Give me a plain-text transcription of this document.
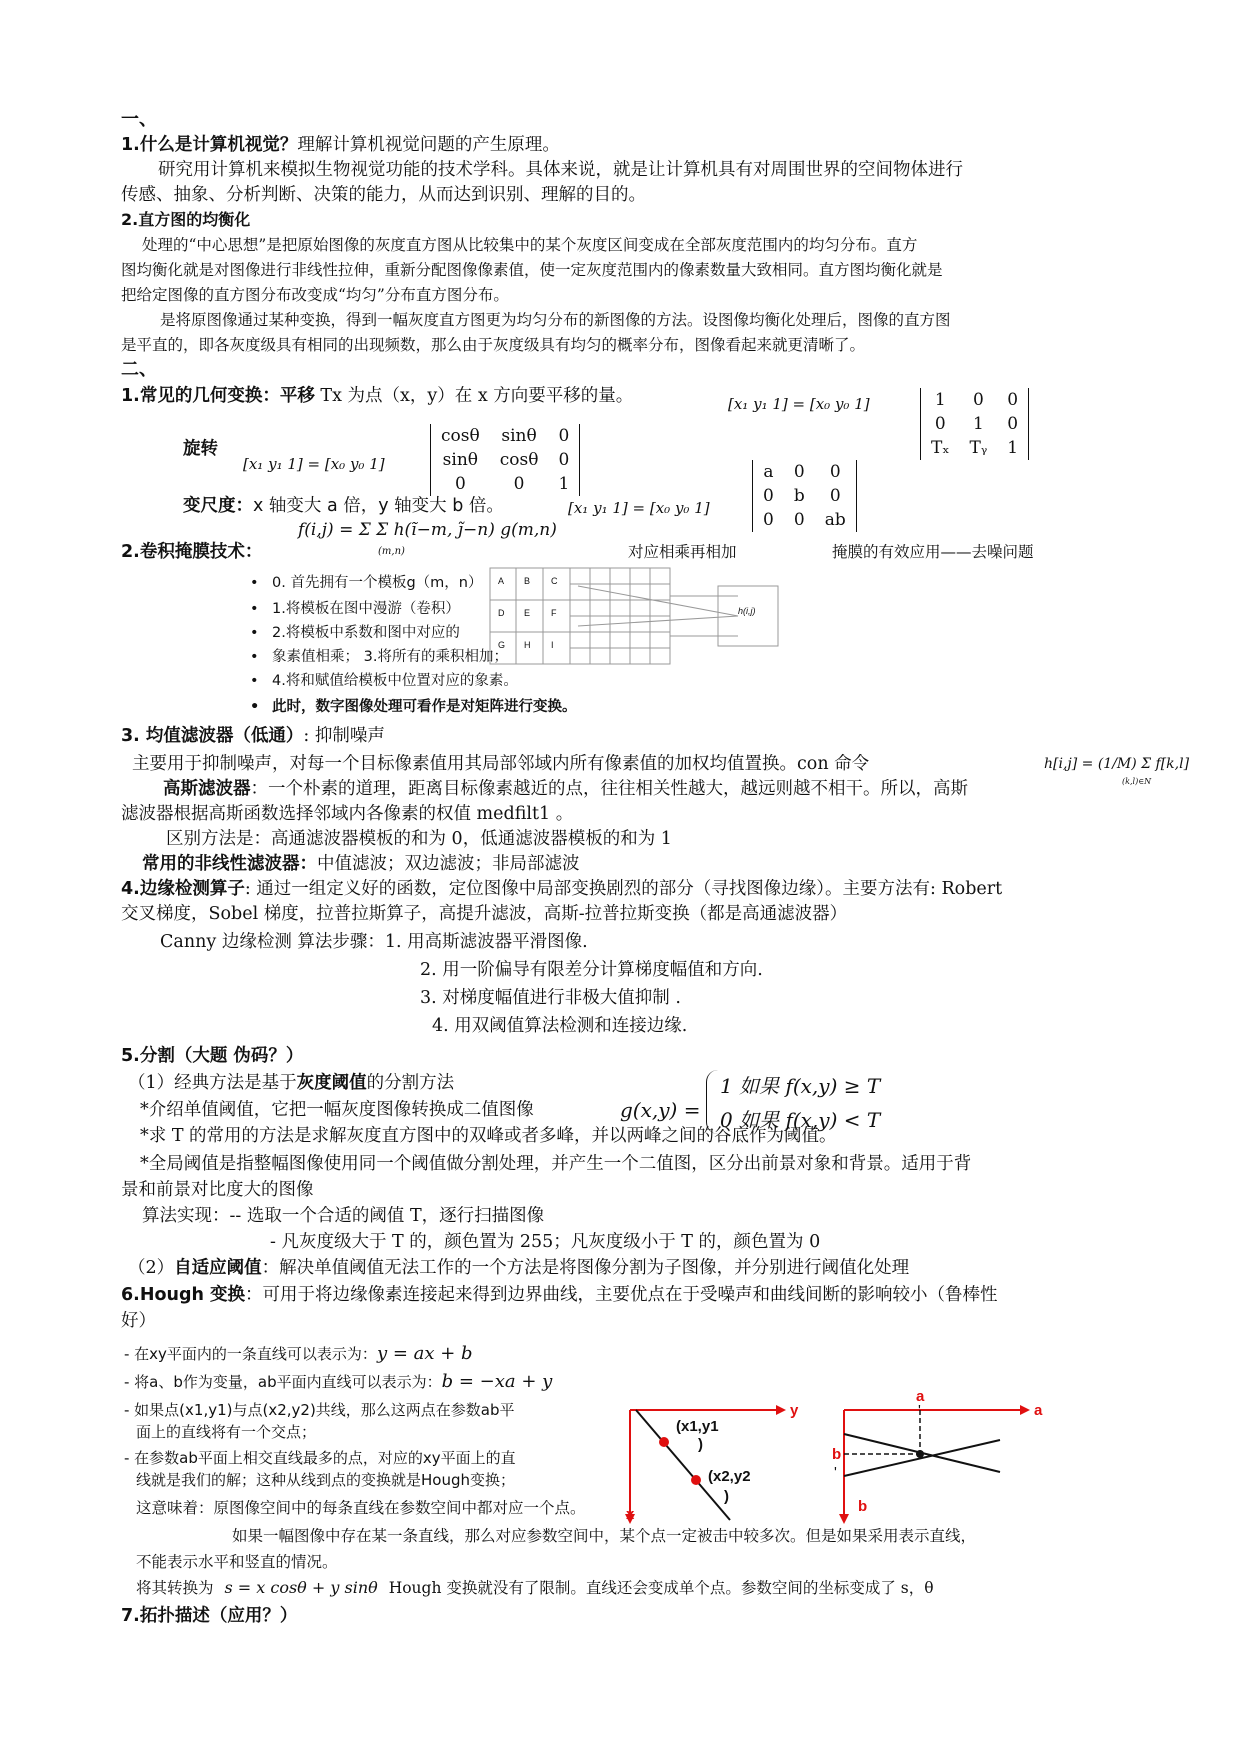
一、
1.什么是计算机视觉？理解计算机视觉问题的产生原理。
研究用计算机来模拟生物视觉功能的技术学科。具体来说，就是让计算机具有对周围世界的空间物体进行
传感、抽象、分析判断、决策的能力，从而达到识别、理解的目的。
2.直方图的均衡化
处理的“中心思想”是把原始图像的灰度直方图从比较集中的某个灰度区间变成在全部灰度范围内的均匀分布。直方
图均衡化就是对图像进行非线性拉伸，重新分配图像像素值，使一定灰度范围内的像素数量大致相同。直方图均衡化就是
把给定图像的直方图分布改变成“均匀”分布直方图分布。
是将原图像通过某种变换，得到一幅灰度直方图更为均匀分布的新图像的方法。设图像均衡化处理后，图像的直方图
是平直的，即各灰度级具有相同的出现频数，那么由于灰度级具有均匀的概率分布，图像看起来就更清晰了。
二、
1.常见的几何变换：平移 Tx 为点（x，y）在 x 方向要平移的量。	[x₁ y₁ 1] = [x₀ y₀ 1]	1	0	0
0	1	0
Tₓ	Tᵧ	1
旋转
[x₁ y₁ 1] = [x₀ y₀ 1]
cosθ	sinθ	0
sinθ	cosθ	0
0	0	1
变尺度：x 轴变大 a 倍，y 轴变大 b 倍。	[x₁ y₁ 1] = [x₀ y₀ 1]
a	0	0
0	b	0
0	0	ab
2.卷积掩膜技术：
f(i,j) = Σ Σ h(ĩ−m, j̃−n) g(m,n)
(m,n)	对应相乘再相加	掩膜的有效应用——去噪问题
• 0. 首先拥有一个模板g（m，n）
• 1.将模板在图中漫游（卷积）
• 2.将模板中系数和图中对应的
• 象素值相乘； 3.将所有的乘积相加；
• 4.将和赋值给模板中位置对应的象素。
• 此时，数字图像处理可看作是对矩阵进行变换。
A B C
D E F
G H I
h(i,j)
3. 均值滤波器（低通）: 抑制噪声
主要用于抑制噪声，对每一个目标像素值用其局部邻域内所有像素值的加权均值置换。con 命令	h[i,j] = (1/M) Σ f[k,l]
(k,l)∈N
高斯滤波器：一个朴素的道理，距离目标像素越近的点，往往相关性越大，越远则越不相干。所以，高斯
滤波器根据高斯函数选择邻域内各像素的权值 medfilt1 。
区别方法是：高通滤波器模板的和为 0，低通滤波器模板的和为 1
常用的非线性滤波器：中值滤波；双边滤波；非局部滤波
4.边缘检测算子: 通过一组定义好的函数，定位图像中局部变换剧烈的部分（寻找图像边缘）。主要方法有: Robert
交叉梯度，Sobel 梯度，拉普拉斯算子，高提升滤波，高斯-拉普拉斯变换（都是高通滤波器）
Canny 边缘检测 算法步骤：1. 用高斯滤波器平滑图像.
2. 用一阶偏导有限差分计算梯度幅值和方向.
3. 对梯度幅值进行非极大值抑制 .
4. 用双阈值算法检测和连接边缘.
5.分割（大题 伪码？）
（1）经典方法是基于灰度阈值的分割方法
*介绍单值阈值，它把一幅灰度图像转换成二值图像	g(x,y) =
1 如果 f(x,y) ≥ T
0 如果 f(x,y) < T
*求 T 的常用的方法是求解灰度直方图中的双峰或者多峰，并以两峰之间的谷底作为阈值。
*全局阈值是指整幅图像使用同一个阈值做分割处理，并产生一个二值图，区分出前景对象和背景。适用于背
景和前景对比度大的图像
算法实现：-- 选取一个合适的阈值 T，逐行扫描图像
- 凡灰度级大于 T 的，颜色置为 255；凡灰度级小于 T 的，颜色置为 0
（2）自适应阈值：解决单值阈值无法工作的一个方法是将图像分割为子图像，并分别进行阈值化处理
6.Hough 变换：可用于将边缘像素连接起来得到边界曲线，主要优点在于受噪声和曲线间断的影响较小（鲁棒性
好）
- 在xy平面内的一条直线可以表示为：y = ax + b
- 将a、b作为变量，ab平面内直线可以表示为：b = −xa + y
- 如果点(x1,y1)与点(x2,y2)共线，那么这两点在参数ab平
面上的直线将有一个交点；
- 在参数ab平面上相交直线最多的点，对应的xy平面上的直
线就是我们的解；这种从线到点的变换就是Hough变换；
(x1,y1
)
(x2,y2
)
y
x
a
b
a
'
b
'
这意味着：原图像空间中的每条直线在参数空间中都对应一个点。
如果一幅图像中存在某一条直线，那么对应参数空间中，某个点一定被击中较多次。但是如果采用表示直线，
不能表示水平和竖直的情况。
将其转换为 s = x cosθ + y sinθ Hough 变换就没有了限制。直线还会变成单个点。参数空间的坐标变成了 s，θ
7.拓扑描述（应用？）
